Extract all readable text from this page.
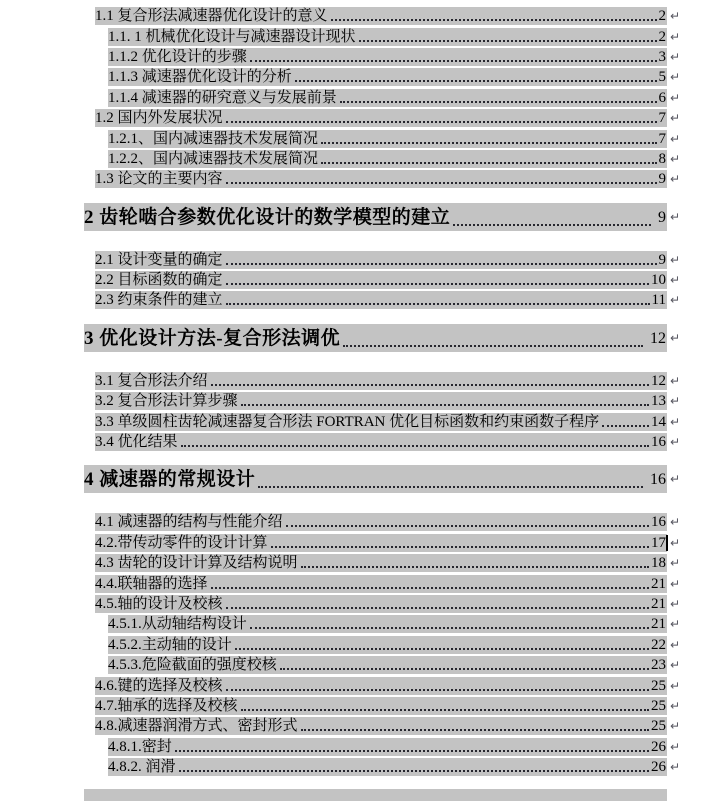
1.1 复合形法减速器优化设计的意义	2 ↵
1.1. 1 机械优化设计与减速器设计现状	2 ↵
1.1.2 优化设计的步骤	3 ↵
1.1.3 减速器优化设计的分析	5 ↵
1.1.4 减速器的研究意义与发展前景	6 ↵
1.2 国内外发展状况	7 ↵
1.2.1、国内减速器技术发展简况	7 ↵
1.2.2、国内减速器技术发展简况	8 ↵
1.3 论文的主要内容	9 ↵
2 齿轮啮合参数优化设计的数学模型的建立	9 ↵
2.1 设计变量的确定	9 ↵
2.2 目标函数的确定	10 ↵
2.3 约束条件的建立	11 ↵
3 优化设计方法-复合形法调优	12 ↵
3.1 复合形法介绍	12 ↵
3.2 复合形法计算步骤	13 ↵
3.3 单级圆柱齿轮减速器复合形法 FORTRAN 优化目标函数和约束函数子程序	14 ↵
3.4 优化结果	16 ↵
4 减速器的常规设计	16 ↵
4.1 减速器的结构与性能介绍	16 ↵
4.2.带传动零件的设计计算	17 ↵
4.3 齿轮的设计计算及结构说明	18 ↵
4.4.联轴器的选择	21 ↵
4.5.轴的设计及校核	21 ↵
4.5.1.从动轴结构设计	21 ↵
4.5.2.主动轴的设计	22 ↵
4.5.3.危险截面的强度校核	23 ↵
4.6.键的选择及校核	25 ↵
4.7.轴承的选择及校核	25 ↵
4.8.减速器润滑方式、密封形式	25 ↵
4.8.1.密封	26 ↵
4.8.2. 润滑	26 ↵
